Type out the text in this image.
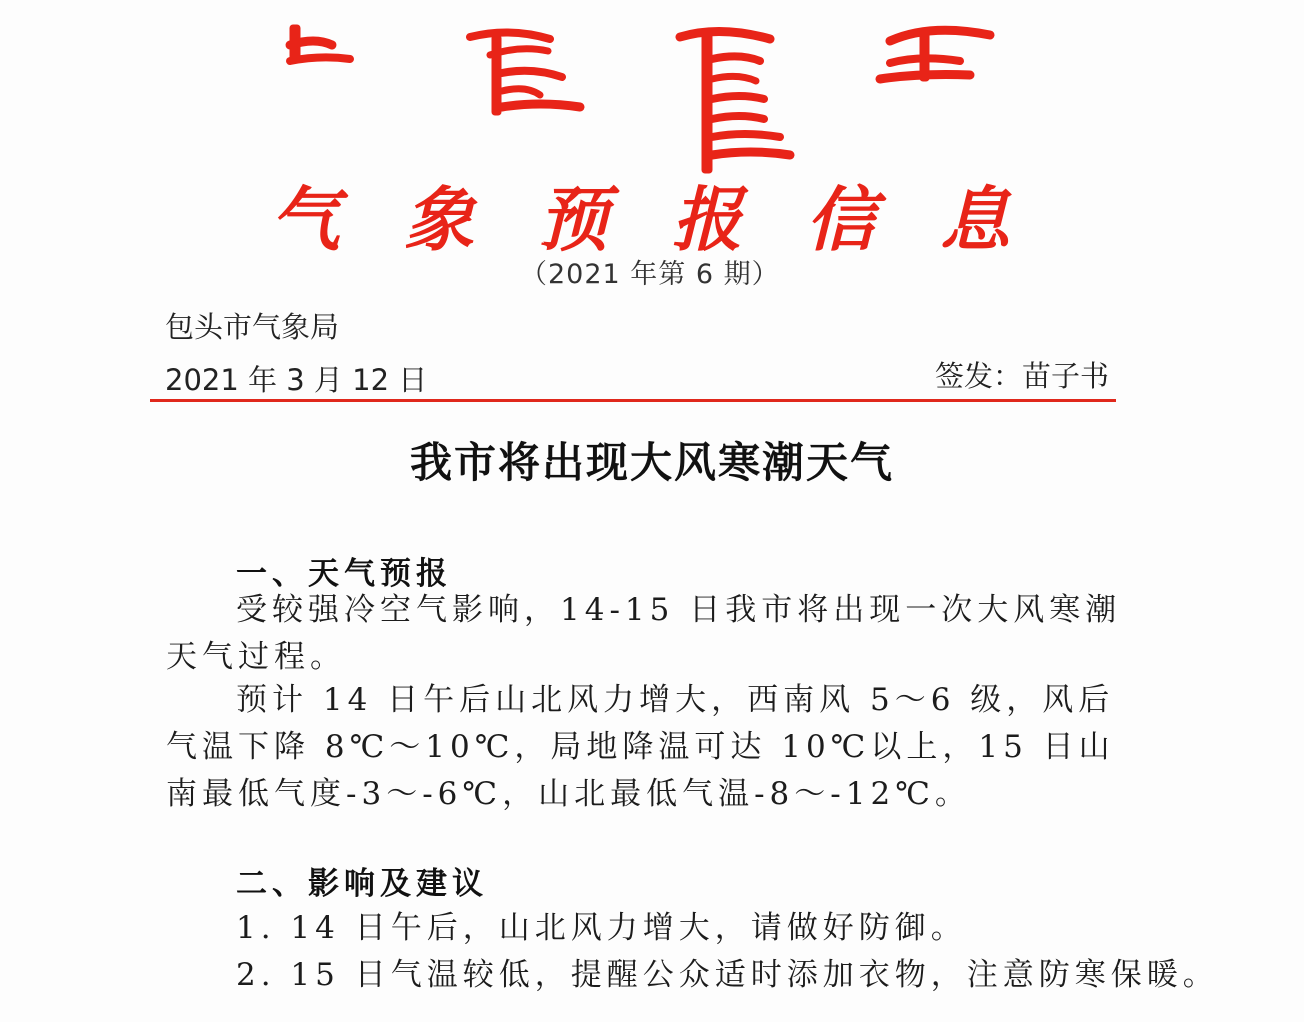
气象预报信息
（2021 年第 6 期）
包头市气象局
2021 年 3 月 12 日	签发：苗子书
我市将出现大风寒潮天气
一、天气预报

受较强冷空气影响，14-15 日我市将出现一次大风寒潮天气过程。

预计 14 日午后山北风力增大，西南风 5～6 级，风后气温下降 8℃～10℃，局地降温可达 10℃以上，15 日山南最低气度-3～-6℃，山北最低气温-8～-12℃。

二、影响及建议
1. 14 日午后，山北风力增大，请做好防御。
2. 15 日气温较低，提醒公众适时添加衣物，注意防寒保暖。
